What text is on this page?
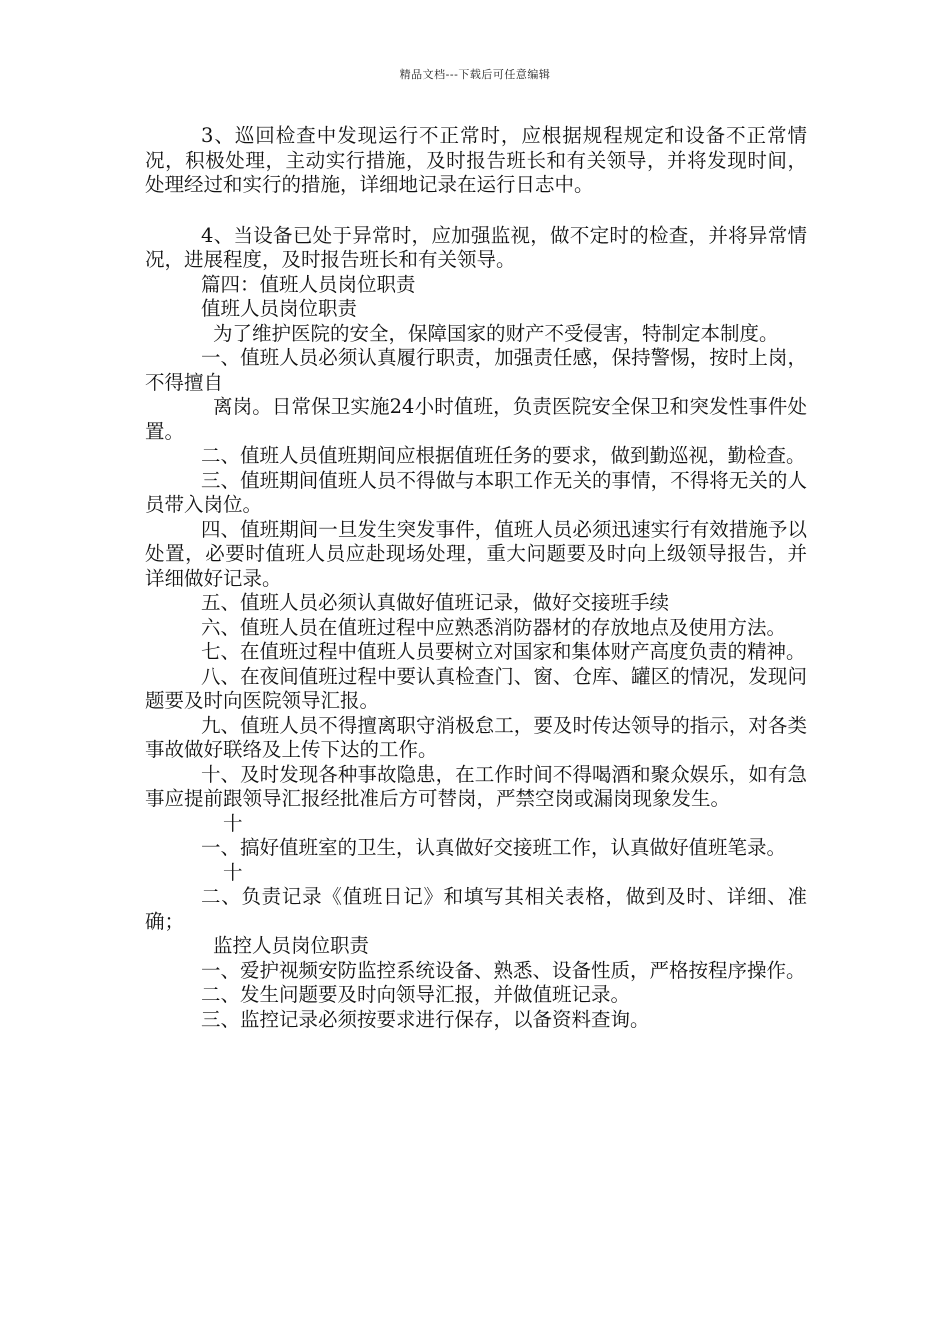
精品文档---下载后可任意编辑

3、巡回检查中发现运行不正常时，应根据规程规定和设备不正常情况，积极处理，主动实行措施，及时报告班长和有关领导，并将发现时间，处理经过和实行的措施，详细地记录在运行日志中。

4、当设备已处于异常时，应加强监视，做不定时的检查，并将异常情况，进展程度，及时报告班长和有关领导。

篇四：值班人员岗位职责

值班人员岗位职责

为了维护医院的安全，保障国家的财产不受侵害，特制定本制度。

一、值班人员必须认真履行职责，加强责任感，保持警惕，按时上岗，不得擅自

离岗。日常保卫实施24小时值班，负责医院安全保卫和突发性事件处置。

二、值班人员值班期间应根据值班任务的要求，做到勤巡视，勤检查。

三、值班期间值班人员不得做与本职工作无关的事情，不得将无关的人员带入岗位。

四、值班期间一旦发生突发事件，值班人员必须迅速实行有效措施予以处置，必要时值班人员应赴现场处理，重大问题要及时向上级领导报告，并详细做好记录。

五、值班人员必须认真做好值班记录，做好交接班手续

六、值班人员在值班过程中应熟悉消防器材的存放地点及使用方法。

七、在值班过程中值班人员要树立对国家和集体财产高度负责的精神。

八、在夜间值班过程中要认真检查门、窗、仓库、罐区的情况，发现问题要及时向医院领导汇报。

九、值班人员不得擅离职守消极怠工，要及时传达领导的指示，对各类事故做好联络及上传下达的工作。

十、及时发现各种事故隐患，在工作时间不得喝酒和聚众娱乐，如有急事应提前跟领导汇报经批准后方可替岗，严禁空岗或漏岗现象发生。

十

一、搞好值班室的卫生，认真做好交接班工作，认真做好值班笔录。

十

二、负责记录《值班日记》和填写其相关表格，做到及时、详细、准确；

监控人员岗位职责

一、爱护视频安防监控系统设备、熟悉、设备性质，严格按程序操作。

二、发生问题要及时向领导汇报，并做值班记录。

三、监控记录必须按要求进行保存，以备资料查询。
